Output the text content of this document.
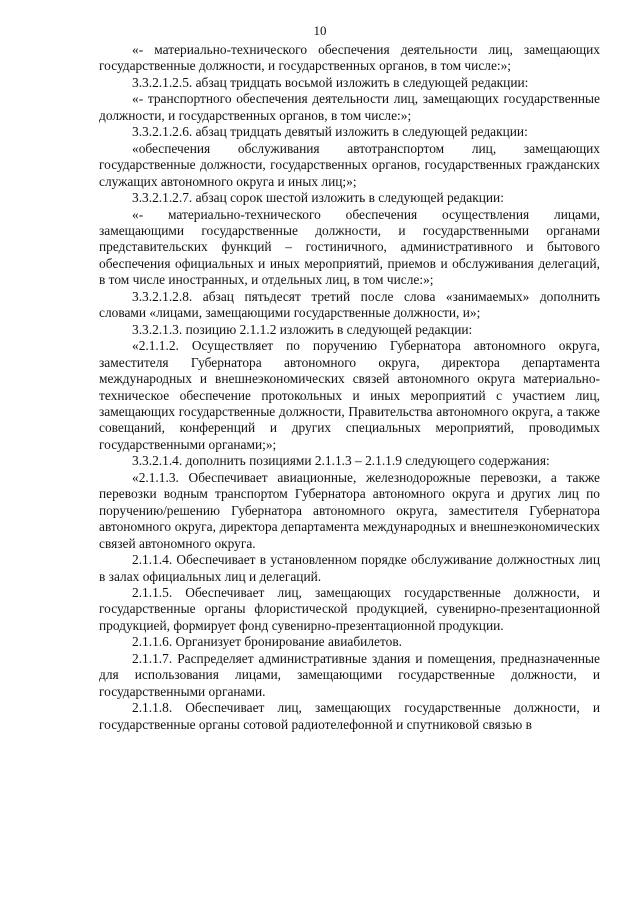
10

«- материально-технического обеспечения деятельности лиц, замещающих государственные должности, и государственных органов, в том числе:»;

3.3.2.1.2.5. абзац тридцать восьмой изложить в следующей редакции:

«- транспортного обеспечения деятельности лиц, замещающих государственные должности, и государственных органов, в том числе:»;

3.3.2.1.2.6. абзац тридцать девятый изложить в следующей редакции:

«обеспечения обслуживания автотранспортом лиц, замещающих государственные должности, государственных органов, государственных гражданских служащих автономного округа и иных лиц;»;

3.3.2.1.2.7. абзац сорок шестой изложить в следующей редакции:

«- материально-технического обеспечения осуществления лицами, замещающими государственные должности, и государственными органами представительских функций – гостиничного, административного и бытового обеспечения официальных и иных мероприятий, приемов и обслуживания делегаций, в том числе иностранных, и отдельных лиц, в том числе:»;

3.3.2.1.2.8. абзац пятьдесят третий после слова «занимаемых» дополнить словами «лицами, замещающими государственные должности, и»;

3.3.2.1.3. позицию 2.1.1.2 изложить в следующей редакции:

«2.1.1.2. Осуществляет по поручению Губернатора автономного округа, заместителя Губернатора автономного округа, директора департамента международных и внешнеэкономических связей автономного округа материально-техническое обеспечение протокольных и иных мероприятий с участием лиц, замещающих государственные должности, Правительства автономного округа, а также совещаний, конференций и других специальных мероприятий, проводимых государственными органами;»;

3.3.2.1.4. дополнить позициями 2.1.1.3 – 2.1.1.9 следующего содержания:

«2.1.1.3. Обеспечивает авиационные, железнодорожные перевозки, а также перевозки водным транспортом Губернатора автономного округа и других лиц по поручению/решению Губернатора автономного округа, заместителя Губернатора автономного округа, директора департамента международных и внешнеэкономических связей автономного округа.

2.1.1.4. Обеспечивает в установленном порядке обслуживание должностных лиц в залах официальных лиц и делегаций.

2.1.1.5. Обеспечивает лиц, замещающих государственные должности, и государственные органы флористической продукцией, сувенирно-презентационной продукцией, формирует фонд сувенирно-презентационной продукции.

2.1.1.6. Организует бронирование авиабилетов.

2.1.1.7. Распределяет административные здания и помещения, предназначенные для использования лицами, замещающими государственные должности, и государственными органами.

2.1.1.8. Обеспечивает лиц, замещающих государственные должности, и государственные органы сотовой радиотелефонной и спутниковой связью в
